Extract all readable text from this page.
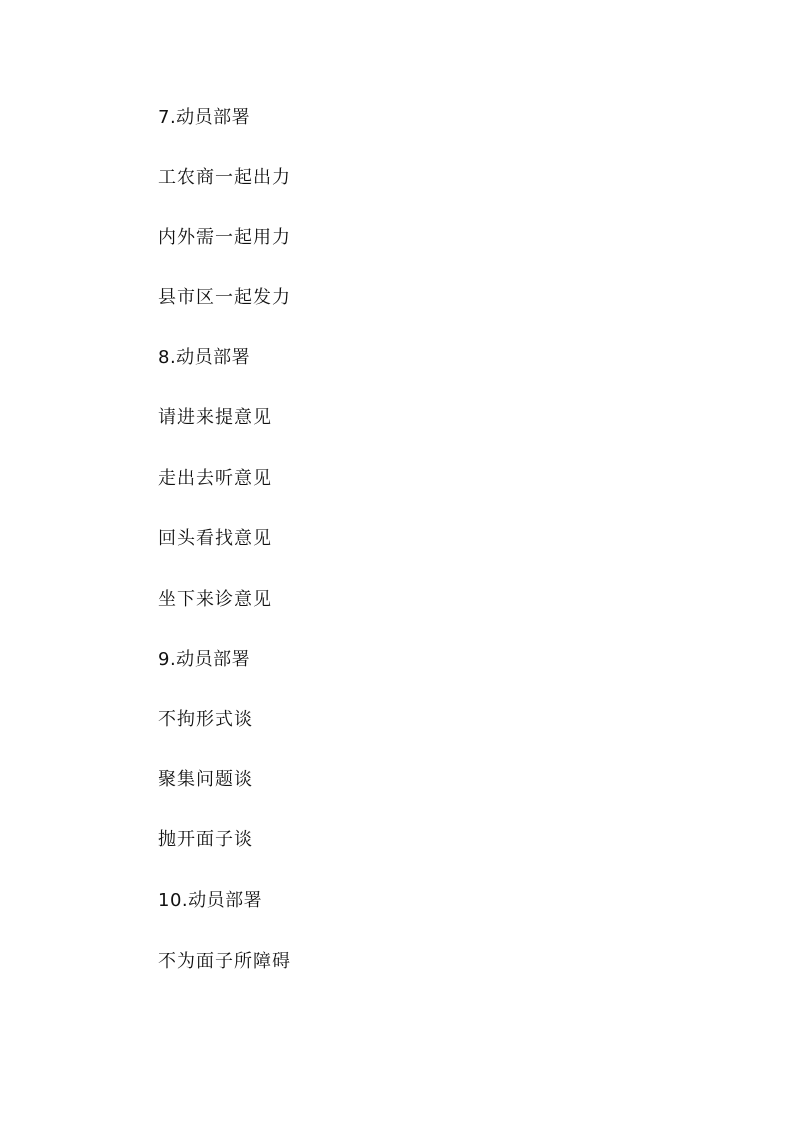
7.动员部署
工农商一起出力
内外需一起用力
县市区一起发力
8.动员部署
请进来提意见
走出去听意见
回头看找意见
坐下来诊意见
9.动员部署
不拘形式谈
聚集问题谈
抛开面子谈
10.动员部署
不为面子所障碍
